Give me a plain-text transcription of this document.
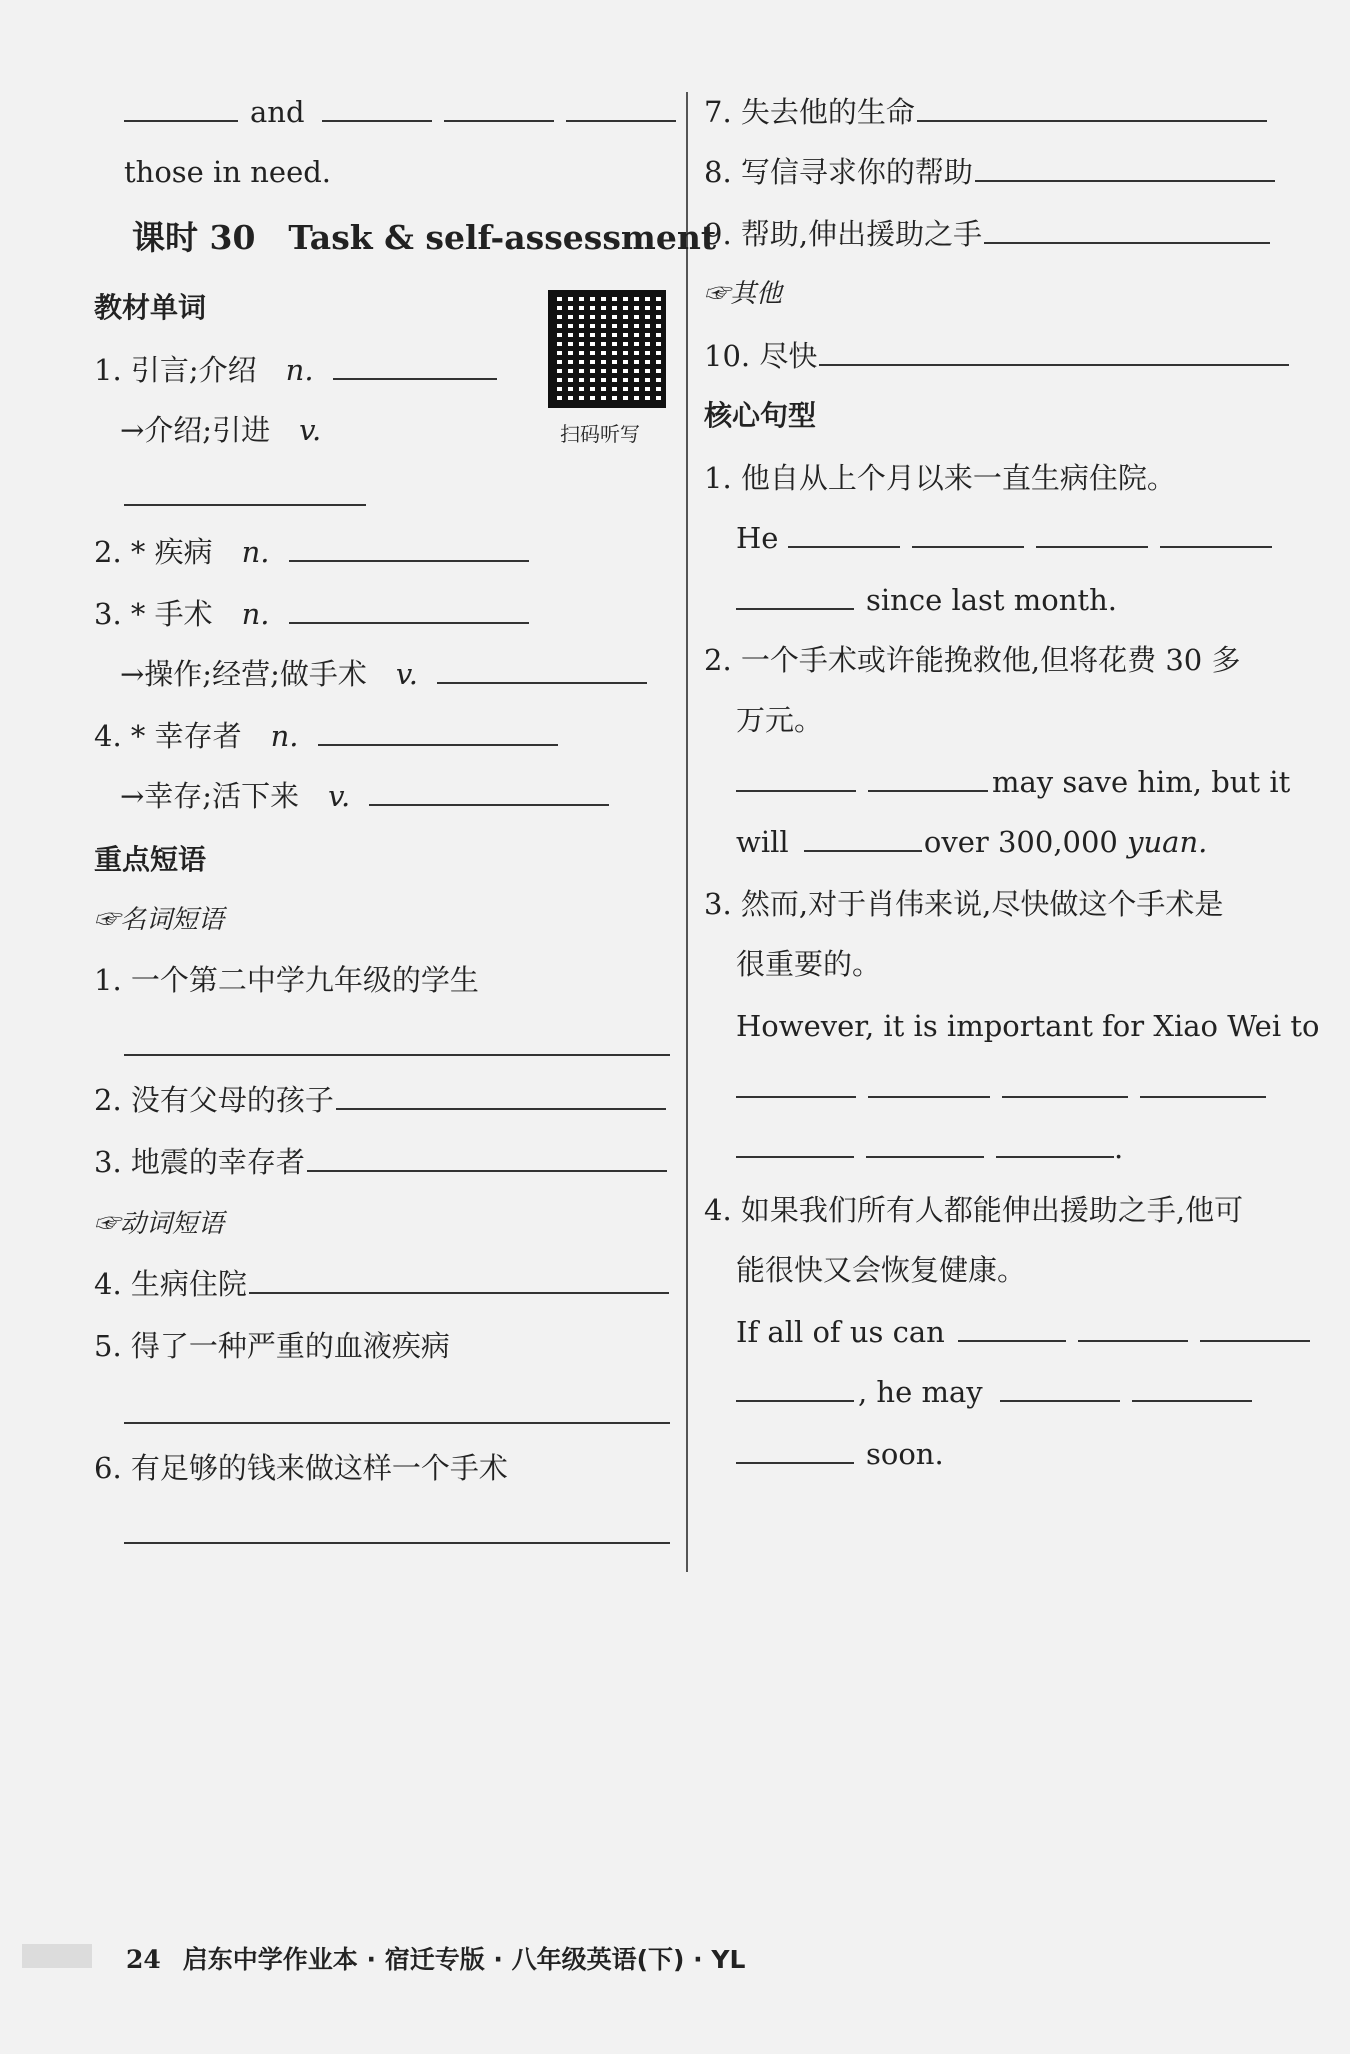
and
those in need.
课时 30　Task & self-assessment
教材单词
扫码听写
1. 引言;介绍　n.
→介绍;引进　v.
2. * 疾病　n.
3. * 手术　n.
→操作;经营;做手术　v.
4. * 幸存者　n.
→幸存;活下来　v.
重点短语
☞名词短语
1. 一个第二中学九年级的学生
2. 没有父母的孩子
3. 地震的幸存者
☞动词短语
4. 生病住院
5. 得了一种严重的血液疾病
6. 有足够的钱来做这样一个手术
7. 失去他的生命
8. 写信寻求你的帮助
9. 帮助,伸出援助之手
☞其他
10. 尽快
核心句型
1. 他自从上个月以来一直生病住院。
He
since last month.
2. 一个手术或许能挽救他,但将花费 30 多
万元。
may save him, but it
will	over 300,000 yuan.
3. 然而,对于肖伟来说,尽快做这个手术是
很重要的。
However, it is important for Xiao Wei to
.
4. 如果我们所有人都能伸出援助之手,他可
能很快又会恢复健康。
If all of us can
, he may
soon.
24 启东中学作业本 · 宿迁专版 · 八年级英语(下) · YL
